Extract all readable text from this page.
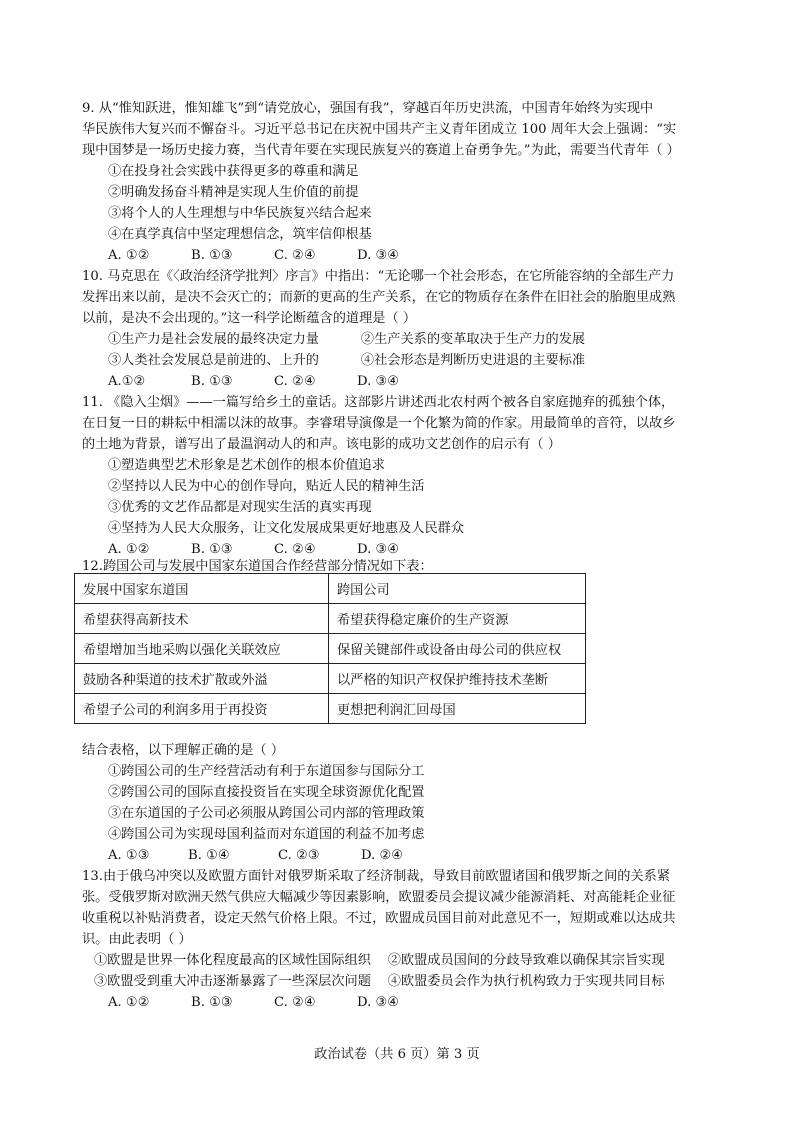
9. 从“惟知跃进，惟知雄飞”到“请党放心，强国有我”，穿越百年历史洪流，中国青年始终为实现中
华民族伟大复兴而不懈奋斗。习近平总书记在庆祝中国共产主义青年团成立 100 周年大会上强调：“实
现中国梦是一场历史接力赛，当代青年要在实现民族复兴的赛道上奋勇争先。”为此，需要当代青年（ ）
①在投身社会实践中获得更多的尊重和满足
②明确发扬奋斗精神是实现人生价值的前提
③将个人的人生理想与中华民族复兴结合起来
④在真学真信中坚定理想信念，筑牢信仰根基
A. ①②	B. ①③	C. ②④	D. ③④
10. 马克思在《〈政治经济学批判〉序言》中指出：“无论哪一个社会形态，在它所能容纳的全部生产力
发挥出来以前，是决不会灭亡的；而新的更高的生产关系，在它的物质存在条件在旧社会的胎胞里成熟
以前，是决不会出现的。”这一科学论断蕴含的道理是（ ）
①生产力是社会发展的最终决定力量          ②生产关系的变革取决于生产力的发展
③人类社会发展总是前进的、上升的          ④社会形态是判断历史进退的主要标准
A.①②	B. ①③	C. ②④	D. ③④
11. 《隐入尘烟》——一篇写给乡土的童话。这部影片讲述西北农村两个被各自家庭抛弃的孤独个体，
在日复一日的耕耘中相濡以沫的故事。李睿珺导演像是一个化繁为简的作家。用最简单的音符，以故乡
的土地为背景，谱写出了最温润动人的和声。该电影的成功文艺创作的启示有（ ）
①塑造典型艺术形象是艺术创作的根本价值追求
②坚持以人民为中心的创作导向，贴近人民的精神生活
③优秀的文艺作品都是对现实生活的真实再现
④坚持为人民大众服务，让文化发展成果更好地惠及人民群众
A. ①②	B. ①③	C. ②④	D. ③④
12.跨国公司与发展中国家东道国合作经营部分情况如下表：
发展中国家东道国	跨国公司
希望获得高新技术	希望获得稳定廉价的生产资源
希望增加当地采购以强化关联效应	保留关键部件或设备由母公司的供应权
鼓励各种渠道的技术扩散或外溢	以严格的知识产权保护维持技术垄断
希望子公司的利润多用于再投资	更想把利润汇回母国
结合表格，以下理解正确的是（ ）
①跨国公司的生产经营活动有利于东道国参与国际分工
②跨国公司的国际直接投资旨在实现全球资源优化配置
③在东道国的子公司必须服从跨国公司内部的管理政策
④跨国公司为实现母国利益而对东道国的利益不加考虑
A. ①③	B. ①④	C. ②③	D. ②④
13.由于俄乌冲突以及欧盟方面针对俄罗斯采取了经济制裁，导致目前欧盟诸国和俄罗斯之间的关系紧
张。受俄罗斯对欧洲天然气供应大幅减少等因素影响，欧盟委员会提议减少能源消耗、对高能耗企业征
收重税以补贴消费者，设定天然气价格上限。不过，欧盟成员国目前对此意见不一，短期或难以达成共
识。由此表明（ ）
①欧盟是世界一体化程度最高的区域性国际组织    ②欧盟成员国间的分歧导致难以确保其宗旨实现
③欧盟受到重大冲击逐渐暴露了一些深层次问题    ④欧盟委员会作为执行机构致力于实现共同目标
A. ①②	B. ①③	C. ②④	D. ③④
政治试卷（共 6 页）第 3 页
